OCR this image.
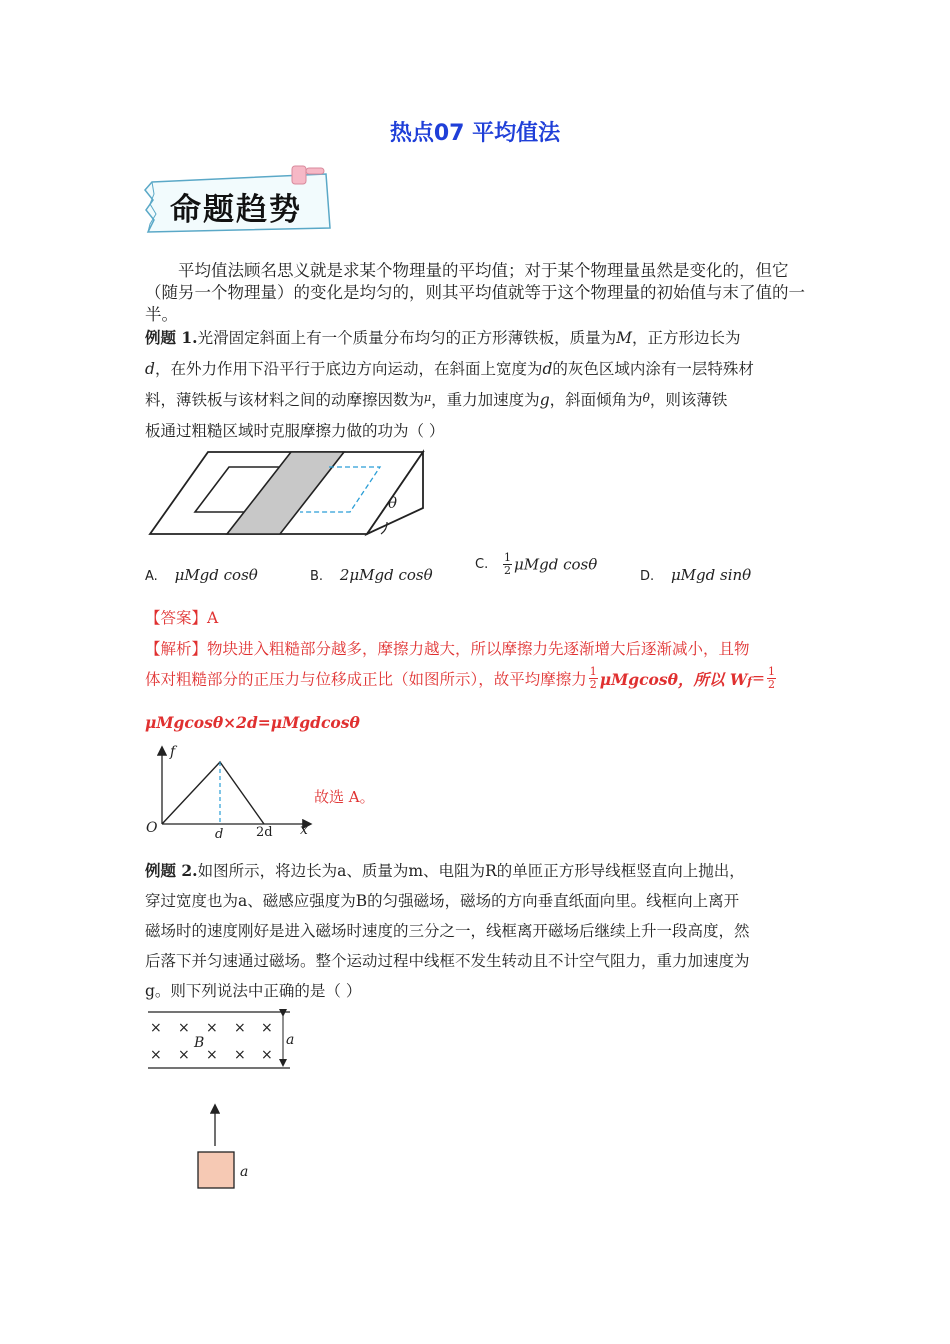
热点07 平均值法
命题趋势
平均值法顾名思义就是求某个物理量的平均值；对于某个物理量虽然是变化的，但它（随另一个物理量）的变化是均匀的，则其平均值就等于这个物理量的初始值与末了值的一半。
例题 1.光滑固定斜面上有一个质量分布均匀的正方形薄铁板，质量为M，正方形边长为
d，在外力作用下沿平行于底边方向运动，在斜面上宽度为d的灰色区域内涂有一层特殊材
料，薄铁板与该材料之间的动摩擦因数为$^\mu$，重力加速度为g，斜面倾角为θ，则该薄铁
板通过粗糙区域时克服摩擦力做的功为（ ）
θ
A. μMgd cosθ	B. 2μMgd cosθ
C. $\frac{1}{2}$ μMgd cosθ
D. μMgd sinθ
【答案】A
【解析】物块进入粗糙部分越多，摩擦力越大，所以摩擦力先逐渐增大后逐渐减小，且物
体对粗糙部分的正压力与位移成正比（如图所示），故平均摩擦力 $\frac{1}{2}$ μMgcosθ，所以 $Wf= \frac{1}{2}$
μMgcosθ×2d=μMgdcosθ
f
O	x
d	2d
故选 A。
例题 2.如图所示，将边长为a、质量为m、电阻为R的单匝正方形导线框竖直向上抛出，
穿过宽度也为a、磁感应强度为B的匀强磁场，磁场的方向垂直纸面向里。线框向上离开
磁场时的速度刚好是进入磁场时速度的三分之一，线框离开磁场后继续上升一段高度，然
后落下并匀速通过磁场。整个运动过程中线框不发生转动且不计空气阻力，重力加速度为
g。则下列说法中正确的是（ ）
× × × × ×
× × × × ×
B	a
a
